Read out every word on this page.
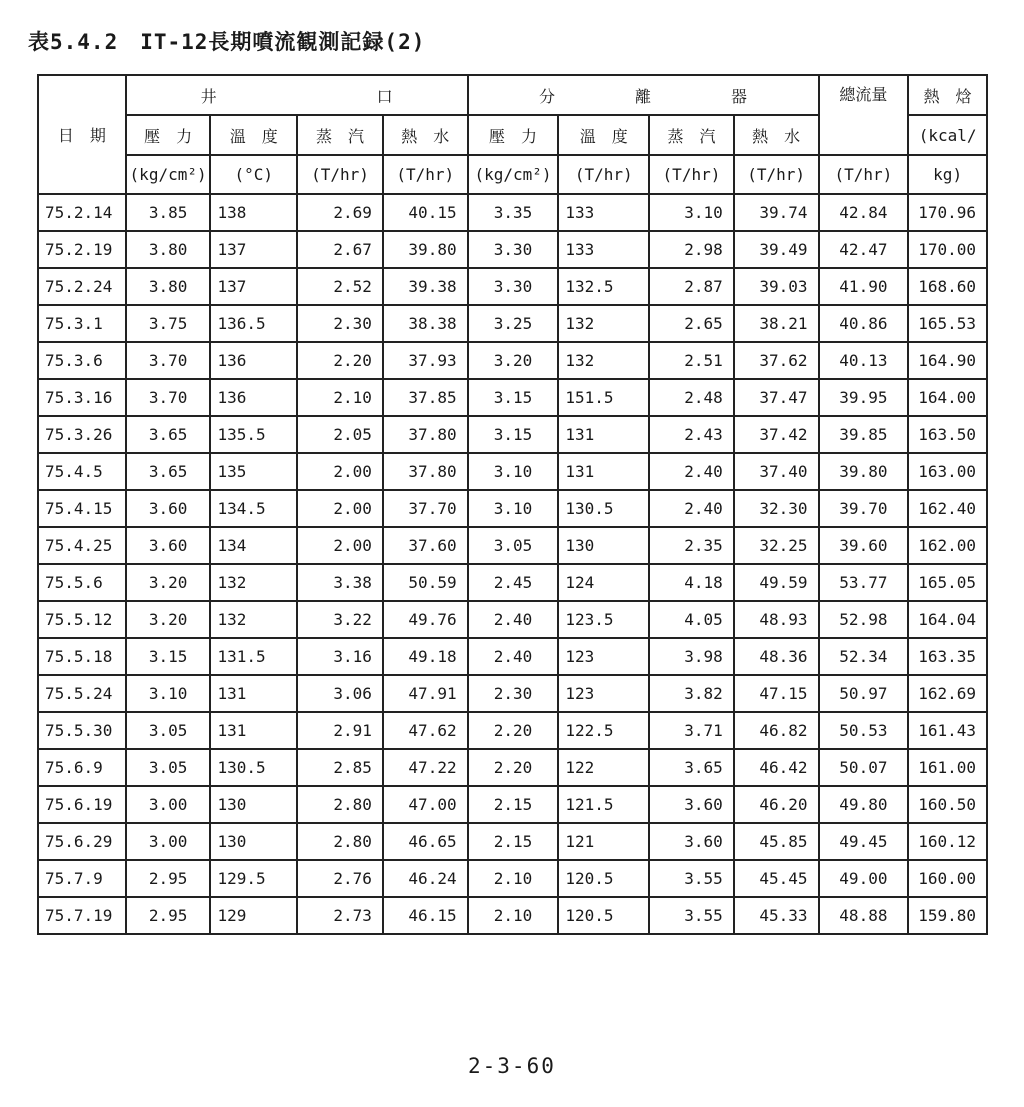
表5.4.2　IT-12長期噴流観測記録(2)
日　期	井　　　　　　　　　　口				分　　　　　離　　　　　器				總流量	熱　焓
	壓　力	溫　度	蒸　汽	熱　水	壓　力	溫　度	蒸　汽	熱　水		(kcal/
	(kg/cm²)	(°C)	(T/hr)	(T/hr)	(kg/cm²)	(T/hr)	(T/hr)	(T/hr)	(T/hr)	kg)
75.2.14	3.85	138	2.69	40.15	3.35	133	3.10	39.74	42.84	170.96
75.2.19	3.80	137	2.67	39.80	3.30	133	2.98	39.49	42.47	170.00
75.2.24	3.80	137	2.52	39.38	3.30	132.5	2.87	39.03	41.90	168.60
75.3.1	3.75	136.5	2.30	38.38	3.25	132	2.65	38.21	40.86	165.53
75.3.6	3.70	136	2.20	37.93	3.20	132	2.51	37.62	40.13	164.90
75.3.16	3.70	136	2.10	37.85	3.15	151.5	2.48	37.47	39.95	164.00
75.3.26	3.65	135.5	2.05	37.80	3.15	131	2.43	37.42	39.85	163.50
75.4.5	3.65	135	2.00	37.80	3.10	131	2.40	37.40	39.80	163.00
75.4.15	3.60	134.5	2.00	37.70	3.10	130.5	2.40	32.30	39.70	162.40
75.4.25	3.60	134	2.00	37.60	3.05	130	2.35	32.25	39.60	162.00
75.5.6	3.20	132	3.38	50.59	2.45	124	4.18	49.59	53.77	165.05
75.5.12	3.20	132	3.22	49.76	2.40	123.5	4.05	48.93	52.98	164.04
75.5.18	3.15	131.5	3.16	49.18	2.40	123	3.98	48.36	52.34	163.35
75.5.24	3.10	131	3.06	47.91	2.30	123	3.82	47.15	50.97	162.69
75.5.30	3.05	131	2.91	47.62	2.20	122.5	3.71	46.82	50.53	161.43
75.6.9	3.05	130.5	2.85	47.22	2.20	122	3.65	46.42	50.07	161.00
75.6.19	3.00	130	2.80	47.00	2.15	121.5	3.60	46.20	49.80	160.50
75.6.29	3.00	130	2.80	46.65	2.15	121	3.60	45.85	49.45	160.12
75.7.9	2.95	129.5	2.76	46.24	2.10	120.5	3.55	45.45	49.00	160.00
75.7.19	2.95	129	2.73	46.15	2.10	120.5	3.55	45.33	48.88	159.80
2-3-60
